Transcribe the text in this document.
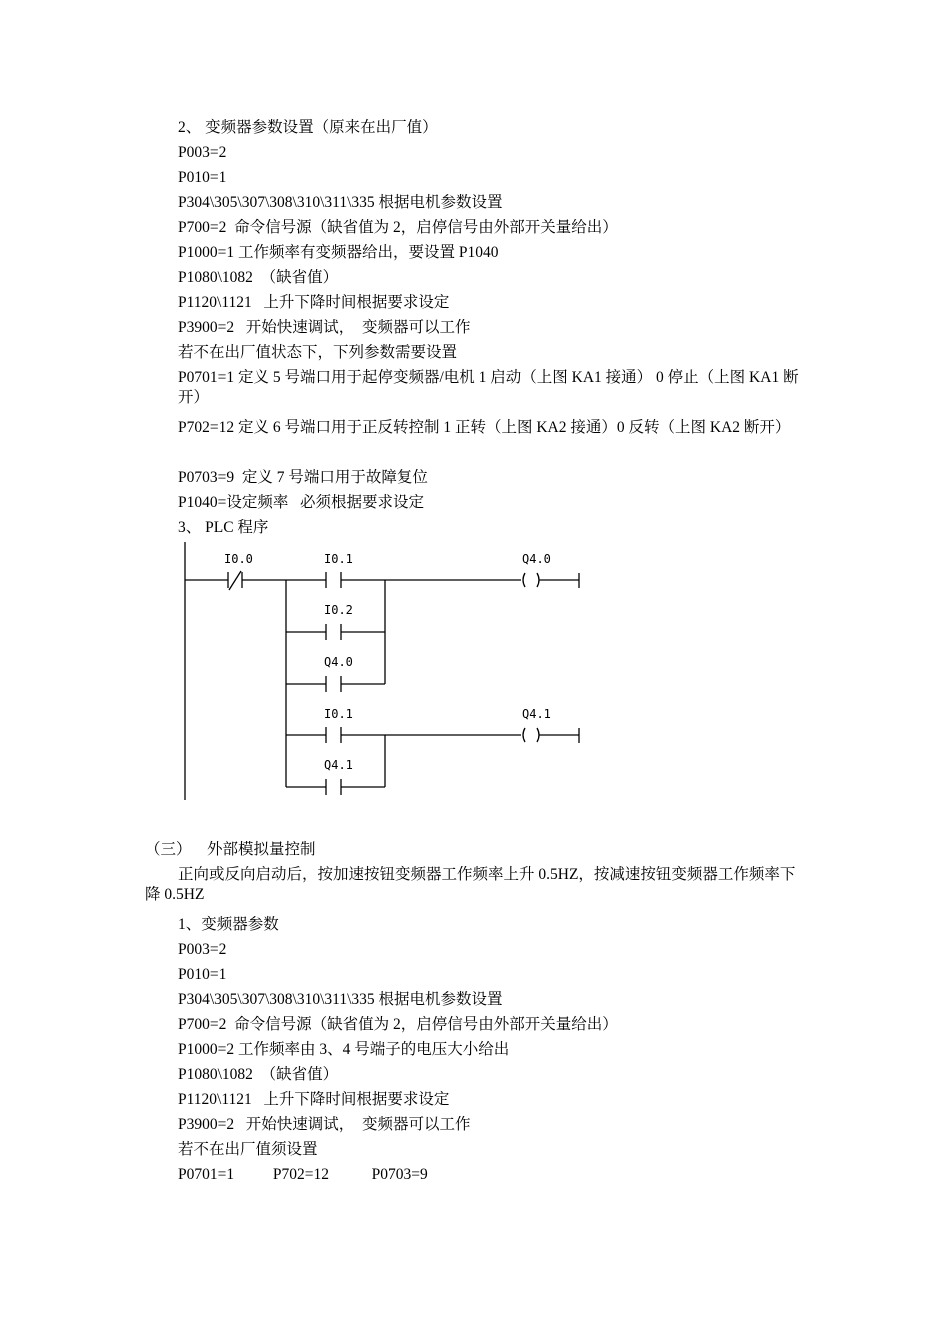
2、 变频器参数设置（原来在出厂值）

P003=2

P010=1

P304\305\307\308\310\311\335 根据电机参数设置

P700=2  命令信号源（缺省值为 2，启停信号由外部开关量给出）

P1000=1 工作频率有变频器给出，要设置 P1040

P1080\1082  （缺省值）

P1120\1121   上升下降时间根据要求设定

P3900=2   开始快速调试，  变频器可以工作

若不在出厂值状态下，下列参数需要设置

P0701=1 定义 5 号端口用于起停变频器/电机 1 启动（上图 KA1 接通） 0 停止（上图 KA1 断开）

P702=12 定义 6 号端口用于正反转控制 1 正转（上图 KA2 接通）0 反转（上图 KA2 断开）

P0703=9  定义 7 号端口用于故障复位

P1040=设定频率   必须根据要求设定

3、 PLC 程序

I0.0	I0.1	Q4.0
I0.2
Q4.0
I0.1	Q4.1
Q4.1

（三）    外部模拟量控制

正向或反向启动后，按加速按钮变频器工作频率上升 0.5HZ，按减速按钮变频器工作频率下降 0.5HZ

1、变频器参数

P003=2

P010=1

P304\305\307\308\310\311\335 根据电机参数设置

P700=2  命令信号源（缺省值为 2，启停信号由外部开关量给出）

P1000=2 工作频率由 3、4 号端子的电压大小给出

P1080\1082  （缺省值）

P1120\1121   上升下降时间根据要求设定

P3900=2   开始快速调试，  变频器可以工作

若不在出厂值须设置

P0701=1          P702=12           P0703=9
